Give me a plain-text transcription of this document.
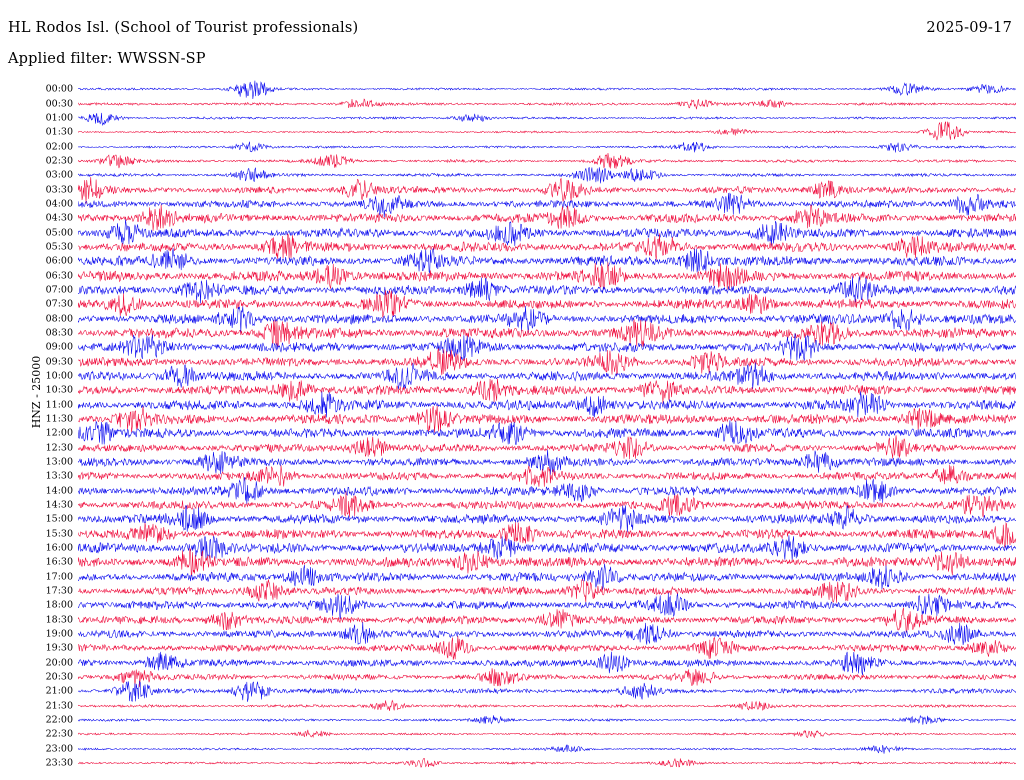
HL Rodos Isl. (School of Tourist professionals)	2025-09-17
Applied filter: WWSSN-SP
HNZ - 25000
00:00
00:30
01:00
01:30
02:00
02:30
03:00
03:30
04:00
04:30
05:00
05:30
06:00
06:30
07:00
07:30
08:00
08:30
09:00
09:30
10:00
10:30
11:00
11:30
12:00
12:30
13:00
13:30
14:00
14:30
15:00
15:30
16:00
16:30
17:00
17:30
18:00
18:30
19:00
19:30
20:00
20:30
21:00
21:30
22:00
22:30
23:00
23:30
